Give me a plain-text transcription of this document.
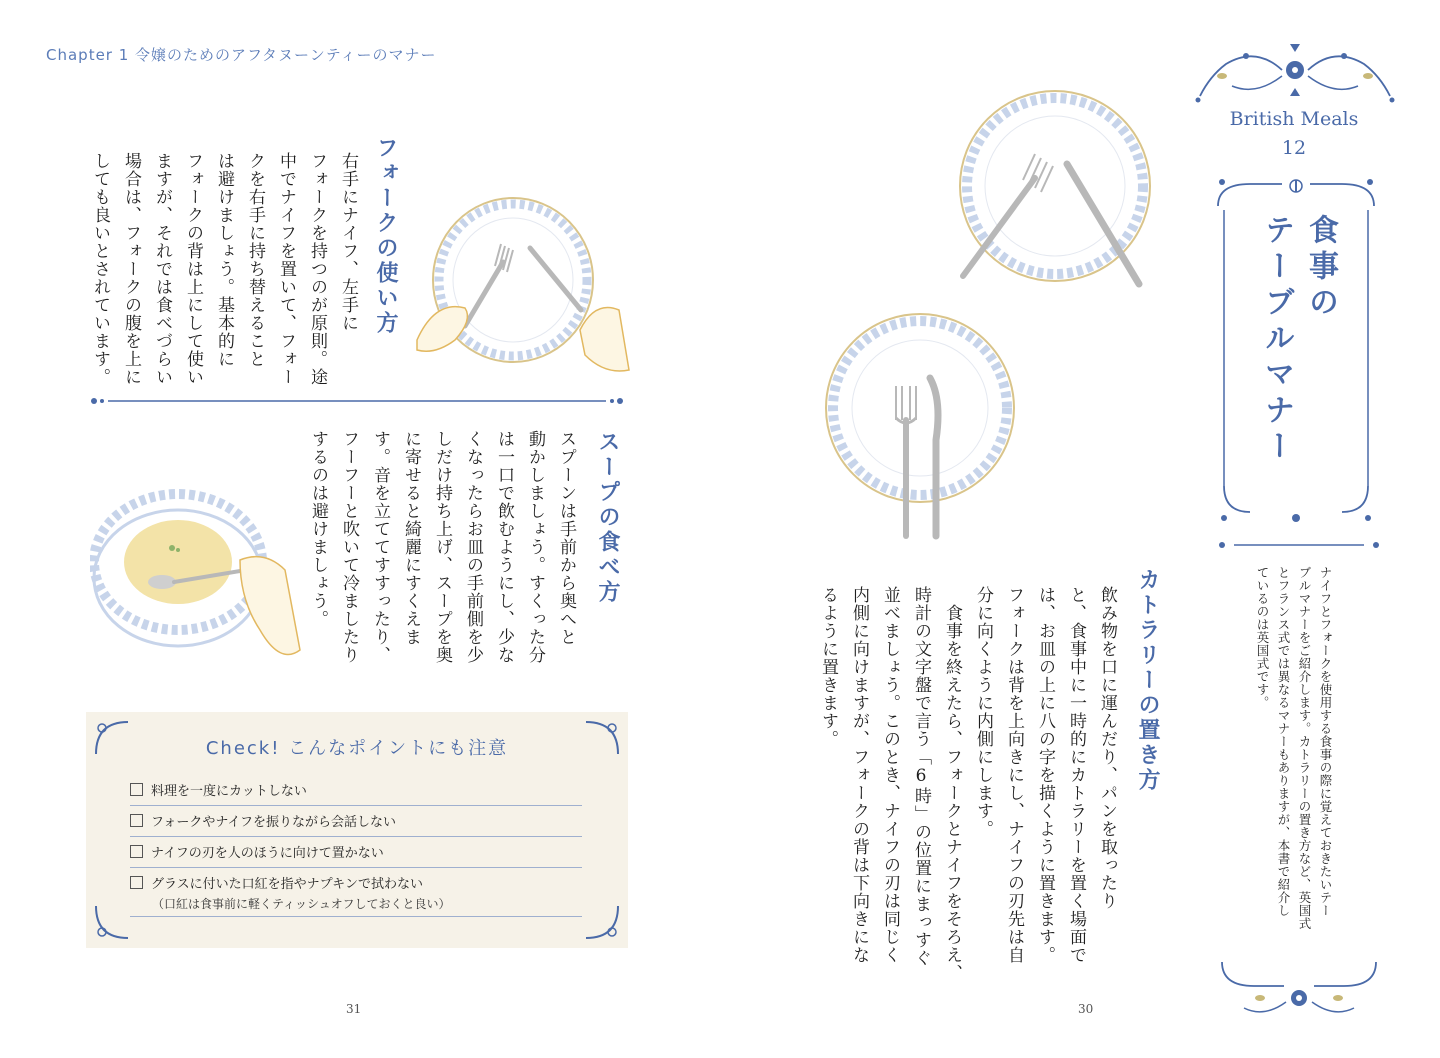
Chapter 1 令嬢のためのアフタヌーンティーのマナー
フォークの使い方
右手にナイフ、左手に
フォークを持つのが原則。途
中でナイフを置いて、フォー
クを右手に持ち替えること
は避けましょう。基本的に
フォークの背は上にして使い
ますが、それでは食べづらい
場合は、フォークの腹を上に
しても良いとされています。
スープの食べ方
スプーンは手前から奥へと
動かしましょう。すくった分
は一口で飲むようにし、少な
くなったらお皿の手前側を少
しだけ持ち上げ、スープを奥
に寄せると綺麗にすくえま
す。音を立ててすすったり、
フーフーと吹いて冷ましたり
するのは避けましょう。
Check! こんなポイントにも注意
料理を一度にカットしない
フォークやナイフを振りながら会話しない
ナイフの刃を人のほうに向けて置かない
グラスに付いた口紅を指やナプキンで拭わない
（口紅は食事前に軽くティッシュオフしておくと良い）
31
カトラリーの置き方
飲み物を口に運んだり、パンを取ったり
と、食事中に一時的にカトラリーを置く場面で
は、お皿の上に八の字を描くように置きます。
フォークは背を上向きにし、ナイフの刃先は自
分に向くように内側にします。
　食事を終えたら、フォークとナイフをそろえ、
時計の文字盤で言う「6時」の位置にまっすぐ
並べましょう。このとき、ナイフの刃は同じく
内側に向けますが、フォークの背は下向きにな
るように置きます。
30
British Meals
12
食事の
テーブルマナー
ナイフとフォークを使用する食事の際に覚えておきたいテー
ブルマナーをご紹介します。カトラリーの置き方など、英国式
とフランス式では異なるマナーもありますが、本書で紹介し
ているのは英国式です。
